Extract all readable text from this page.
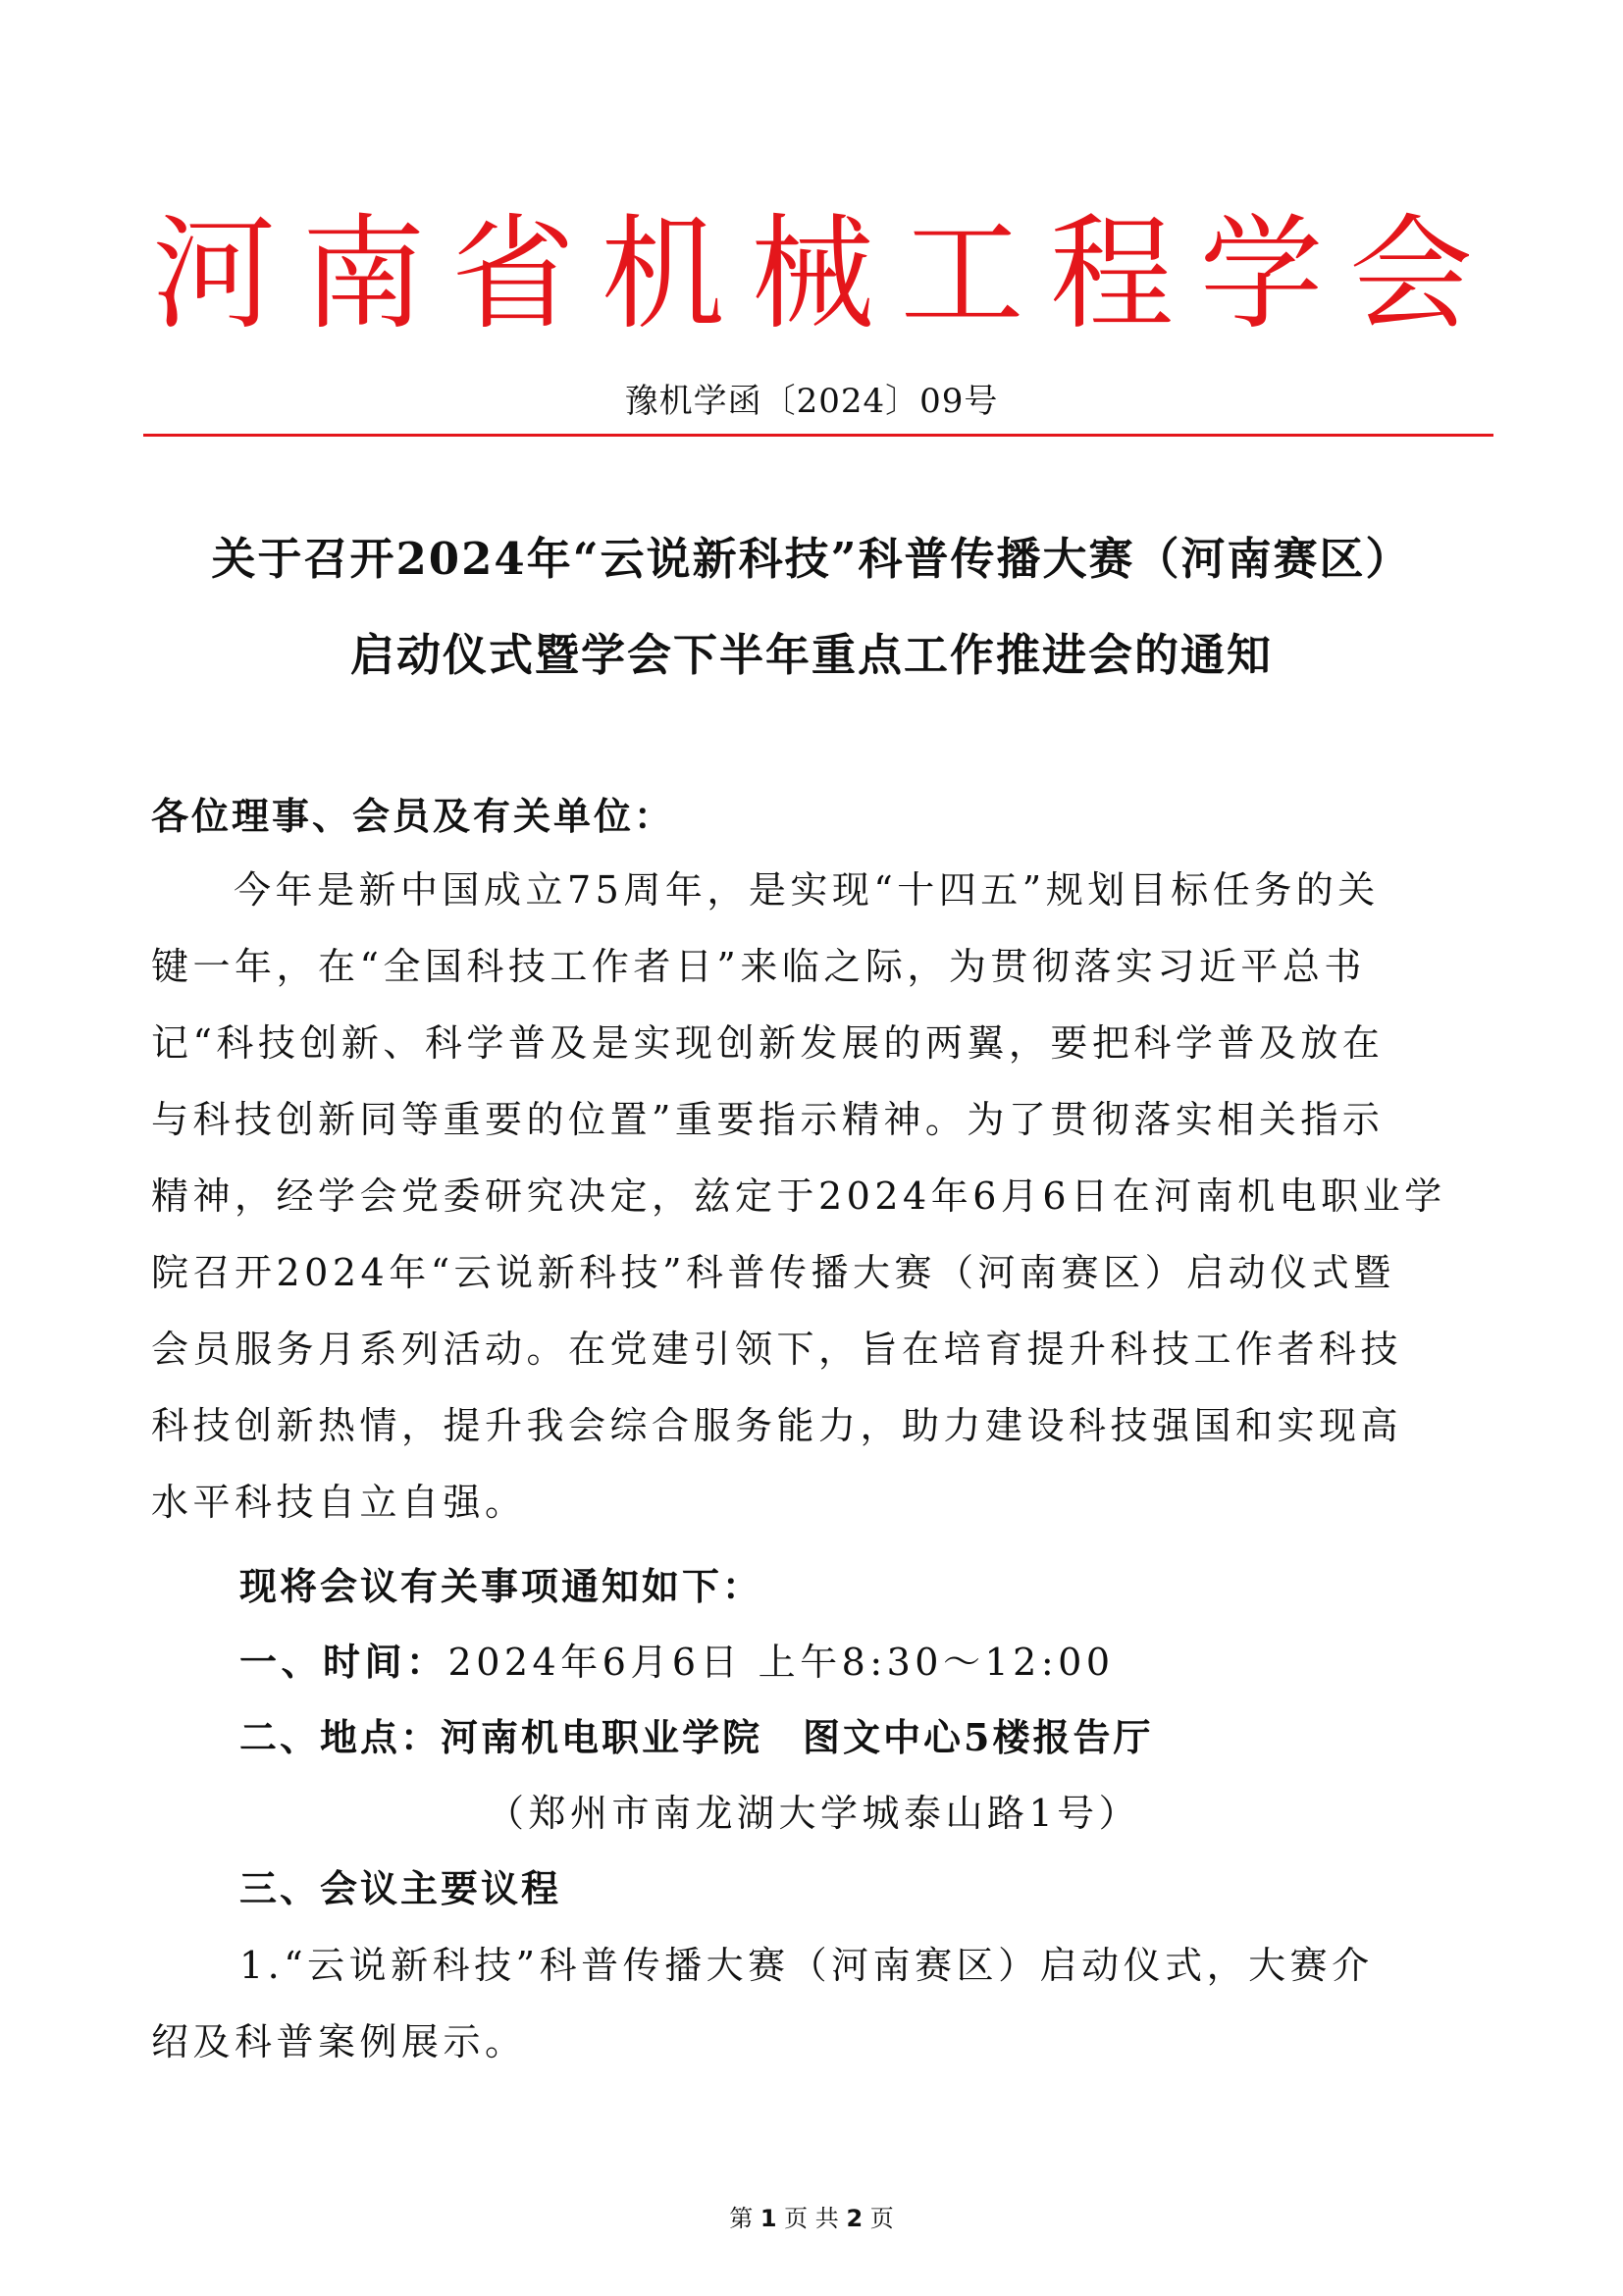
河 南 省 机 械 工 程 学 会
豫机学函〔2024〕09号
关于召开2024年“云说新科技”科普传播大赛（河南赛区）
启动仪式暨学会下半年重点工作推进会的通知
各位理事、会员及有关单位：
今年是新中国成立75周年，是实现“十四五”规划目标任务的关
键一年，在“全国科技工作者日”来临之际，为贯彻落实习近平总书
记“科技创新、科学普及是实现创新发展的两翼，要把科学普及放在
与科技创新同等重要的位置”重要指示精神。为了贯彻落实相关指示
精神，经学会党委研究决定，兹定于2024年6月6日在河南机电职业学
院召开2024年“云说新科技”科普传播大赛（河南赛区）启动仪式暨
会员服务月系列活动。在党建引领下，旨在培育提升科技工作者科技
科技创新热情，提升我会综合服务能力，助力建设科技强国和实现高
水平科技自立自强。
现将会议有关事项通知如下：
一、时间：2024年6月6日 上午8:30～12:00
二、地点：河南机电职业学院　图文中心5楼报告厅
（郑州市南龙湖大学城泰山路1号）
三、会议主要议程
1.“云说新科技”科普传播大赛（河南赛区）启动仪式，大赛介
绍及科普案例展示。
第 1 页 共 2 页
